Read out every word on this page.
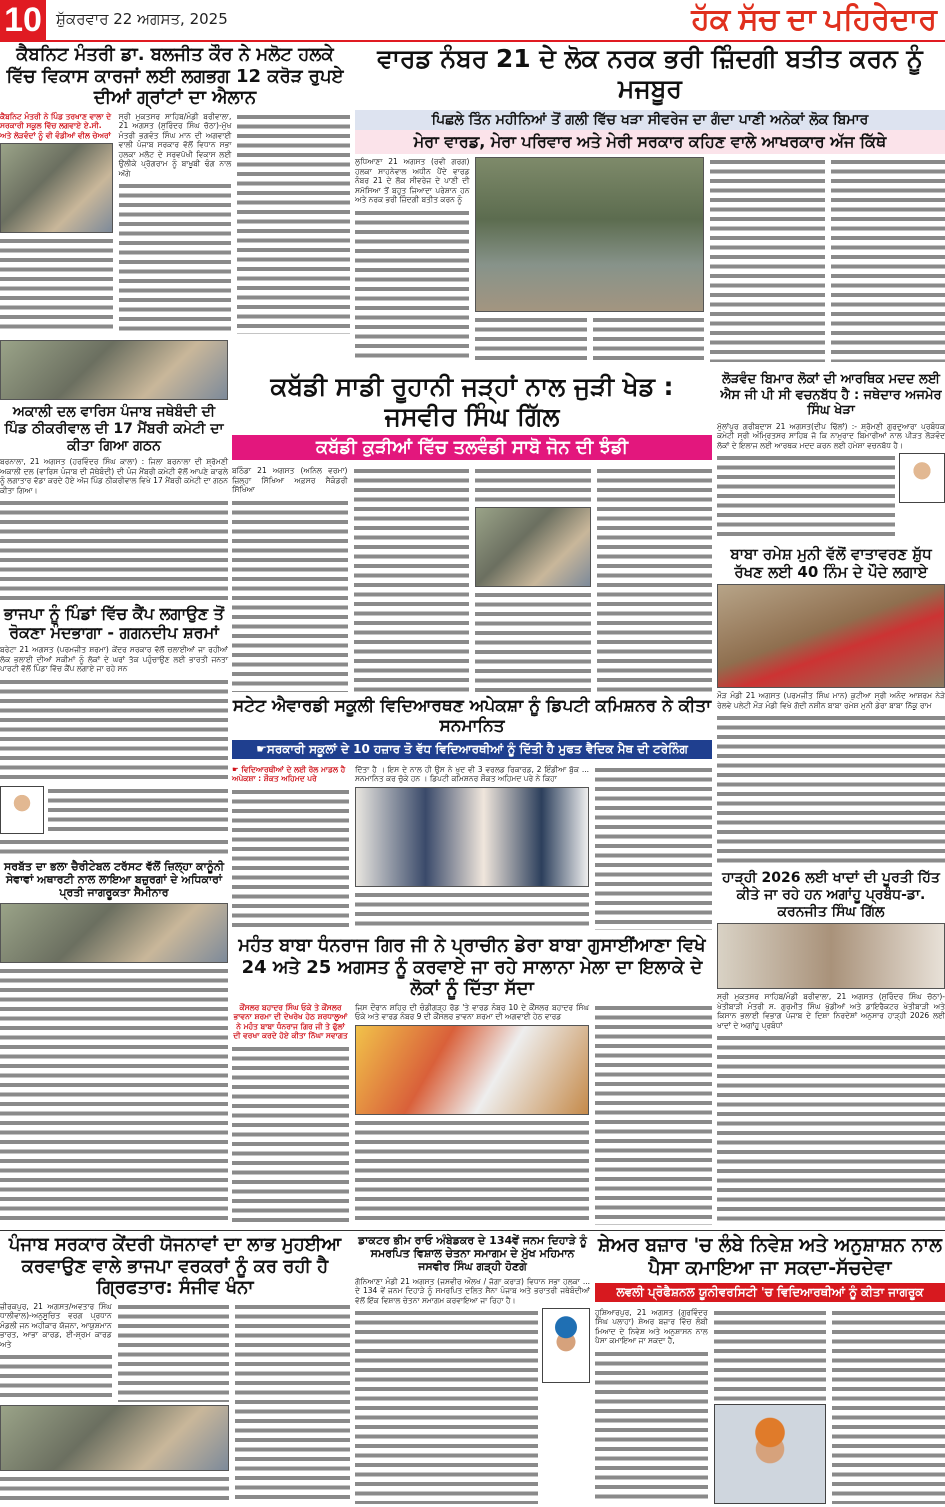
10 ਸ਼ੁੱਕਰਵਾਰ 22 ਅਗਸਤ, 2025	ਹੱਕ ਸੱਚ ਦਾ ਪਹਿਰੇਦਾਰ
ਕੈਬਨਿਟ ਮੰਤਰੀ ਡਾ. ਬਲਜੀਤ ਕੌਰ ਨੇ ਮਲੋਟ ਹਲਕੇ ਵਿੱਚ ਵਿਕਾਸ ਕਾਰਜਾਂ ਲਈ ਲਗਭਗ 12 ਕਰੋੜ ਰੁਪਏ ਦੀਆਂ ਗ੍ਰਾਂਟਾਂ ਦਾ ਐਲਾਨ
ਕੈਬਨਿਟ ਮੰਤਰੀ ਨੇ ਪਿੰਡ ਤਰਖਾਣ ਵਾਲਾ ਦੇ ਸਰਕਾਰੀ ਸਕੂਲ ਵਿੱਚ ਲਗਵਾਏ ਏ.ਸੀ. ਅਤੇ ਲੋੜਵੰਦਾਂ ਨੂੰ ਵੀ ਵੰਡੀਆਂ ਵੀਲ ਚੇਅਰਾਂ

ਸ੍ਰੀ ਮੁਕਤਸਰ ਸਾਹਿਬ/ਮੰਡੀ ਬਰੀਵਾਲਾ, 21 ਅਗਸਤ (ਸੁਰਿੰਦਰ ਸਿੰਘ ਚੱਠਾ)-ਮੁੱਖ ਮੰਤਰੀ ਭਗਵੰਤ ਸਿੰਘ ਮਾਨ ਦੀ ਅਗਵਾਈ ਵਾਲੀ ਪੰਜਾਬ ਸਰਕਾਰ ਵੱਲੋਂ ਵਿਧਾਨ ਸਭਾ ਹਲਕਾ ਮਲੋਟ ਦੇ ਸਰਵਪੱਖੀ ਵਿਕਾਸ ਲਈ ਉਲੀਕੇ ਪ੍ਰੋਗਰਾਮ ਨੂੰ ਬਾਖੂਬੀ ਢੰਗ ਨਾਲ ਅੱਗੇ

ਵਾਰਡ ਨੰਬਰ 21 ਦੇ ਲੋਕ ਨਰਕ ਭਰੀ ਜ਼ਿੰਦਗੀ ਬਤੀਤ ਕਰਨ ਨੂੰ ਮਜਬੂਰ
ਪਿਛਲੇ ਤਿੰਨ ਮਹੀਨਿਆਂ ਤੋਂ ਗਲੀ ਵਿੱਚ ਖੜਾ ਸੀਵਰੇਜ ਦਾ ਗੰਦਾ ਪਾਣੀ ਅਨੇਕਾਂ ਲੋਕ ਬਿਮਾਰ
ਮੇਰਾ ਵਾਰਡ, ਮੇਰਾ ਪਰਿਵਾਰ ਅਤੇ ਮੇਰੀ ਸਰਕਾਰ ਕਹਿਣ ਵਾਲੇ ਆਖਰਕਾਰ ਅੱਜ ਕਿੱਥੇ

ਲੁਧਿਆਣਾ 21 ਅਗਸਤ (ਰਵੀ ਗਰਗ) ਹਲਕਾ ਸਾਹਨੇਵਾਲ ਅਧੀਨ ਪੈਂਦੇ ਵਾਰਡ ਨੰਬਰ 21 ਦੇ ਲੋਕ ਸੀਵਰੇਜ ਦੇ ਪਾਣੀ ਦੀ ਸਮੱਸਿਆ ਤੋਂ ਬਹੁਤ ਜਿਆਦਾ ਪਰੇਸ਼ਾਨ ਹਨ ਅਤੇ ਨਰਕ ਭਰੀ ਜ਼ਿੰਦਗੀ ਬਤੀਤ ਕਰਨ ਨੂੰ

ਅਕਾਲੀ ਦਲ ਵਾਰਿਸ ਪੰਜਾਬ ਜਥੇਬੰਦੀ ਦੀ ਪਿੰਡ ਠੀਕਰੀਵਾਲ ਦੀ 17 ਮੈਂਬਰੀ ਕਮੇਟੀ ਦਾ ਕੀਤਾ ਗਿਆ ਗਠਨ

ਬਰਨਾਲਾ, 21 ਅਗਸਤ (ਹਰਵਿੰਦਰ ਸਿੰਘ ਕਾਲਾ) : ਜਿਲਾ ਬਰਨਾਲਾ ਦੀ ਸ਼੍ਰੋਮਣੀ ਅਕਾਲੀ ਦਲ (ਵਾਰਿਸ ਪੰਜਾਬ ਦੀ ਜੱਥੇਬੰਦੀ) ਦੀ ਪੰਜ ਮੈਂਬਰੀ ਕਮੇਟੀ ਵੱਲੋਂ ਆਪਣੇ ਕਾਫਲੇ ਨੂੰ ਲਗਾਤਾਰ ਵੱਡਾ ਕਰਦੇ ਹੋਏ ਅੱਜ ਪਿੰਡ ਠੀਕਰੀਵਾਲ ਵਿਖੇ 17 ਮੈਂਬਰੀ ਕਮੇਟੀ ਦਾ ਗਠਨ ਕੀਤਾ ਗਿਆ।

ਭਾਜਪਾ ਨੂੰ ਪਿੰਡਾਂ ਵਿੱਚ ਕੈਂਪ ਲਗਾਉਣ ਤੋਂ ਰੋਕਣਾ ਮੰਦਭਾਗਾ - ਗਗਨਦੀਪ ਸ਼ਰਮਾਂ

ਬਰੇਟਾ 21 ਅਗਸਤ (ਪਰਮਜੀਤ ਸ਼ਰਮਾ) ਕੇਂਦਰ ਸਰਕਾਰ ਵੱਲੋਂ ਚਲਾਈਆਂ ਜਾ ਰਹੀਆਂ ਲੋਕ ਭਲਾਈ ਦੀਆਂ ਸਕੀਮਾਂ ਨੂੰ ਲੋਕਾਂ ਦੇ ਘਰਾਂ ਤੱਕ ਪਹੁੰਚਾਉਣ ਲਈ ਭਾਰਤੀ ਜਨਤਾ ਪਾਰਟੀ ਵੱਲੋਂ ਪਿੰਡਾ ਵਿੱਚ ਕੈਂਪ ਲਗਾਏ ਜਾ ਰਹੇ ਸਨ

ਸਰਬੱਤ ਦਾ ਭਲਾ ਚੈਰੀਟੇਬਲ ਟਰੱਸਟ ਵੱਲੋਂ ਜ਼ਿਲ੍ਹਾ ਕਾਨੂੰਨੀ ਸੇਵਾਵਾਂ ਅਥਾਰਟੀ ਨਾਲ ਲਾਇਆ ਬਜ਼ੁਰਗਾਂ ਦੇ ਅਧਿਕਾਰਾਂ ਪ੍ਰਤੀ ਜਾਗਰੂਕਤਾ ਸੈਮੀਨਾਰ
ਕਬੱਡੀ ਸਾਡੀ ਰੂਹਾਨੀ ਜੜ੍ਹਾਂ ਨਾਲ ਜੁੜੀ ਖੇਡ : ਜਸਵੀਰ ਸਿੰਘ ਗਿੱਲ
ਕਬੱਡੀ ਕੁੜੀਆਂ ਵਿੱਚ ਤਲਵੰਡੀ ਸਾਬੋ ਜੋਨ ਦੀ ਝੰਡੀ

ਬਠਿੰਡਾ 21 ਅਗਸਤ (ਅਨਿਲ ਵਰਮਾ) ਜ਼ਿਲ੍ਹਾ ਸਿੱਖਿਆ ਅਫ਼ਸਰ ਸੈਕੰਡਰੀ ਸਿੱਖਿਆ

ਲੋੜਵੰਦ ਬਿਮਾਰ ਲੋਕਾਂ ਦੀ ਆਰਥਿਕ ਮਦਦ ਲਈ ਐਸ ਜੀ ਪੀ ਸੀ ਵਚਨਬੱਧ ਹੈ : ਜਥੇਦਾਰ ਅਜਮੇਰ ਸਿੰਘ ਖੇੜਾ

ਮੁੱਲਾਂਪੁਰ ਗਰੀਬਦਾਸ 21 ਅਗਸਤ(ਦੀਪ ਢਿੱਲਾਂ) :- ਸ਼੍ਰੋਮਣੀ ਗੁਰਦੁਆਰਾ ਪ੍ਰਬੰਧਕ ਕਮੇਟੀ ਸ੍ਰੀ ਅੰਮ੍ਰਿਤਸਰ ਸਾਹਿਬ ਜੋ ਕਿ ਨਾਮੁਰਾਦ ਬਿਮਾਰੀਆਂ ਨਾਲ ਪੀੜਤ ਲੋੜਵੰਦ ਲੋਕਾਂ ਦੇ ਇਲਾਜ ਲਈ ਆਰਥਕ ਮਦਦ ਕਰਨ ਲਈ ਹਮੇਸ਼ਾ ਵਚਨਬੱਧ ਹੈ।

ਬਾਬਾ ਰਮੇਸ਼ ਮੁਨੀ ਵੱਲੋਂ ਵਾਤਾਵਰਣ ਸ਼ੁੱਧ ਰੱਖਣ ਲਈ 40 ਨਿੰਮ ਦੇ ਪੌਦੇ ਲਗਾਏ

ਮੌੜ ਮੰਡੀ 21 ਅਗਸਤ (ਪਰਮਜੀਤ ਸਿੰਘ ਮਾਨ) ਕੁਟੀਆ ਸ੍ਰੀ ਅਨੰਦ ਆਸ਼ਰਮ ਨੇੜੇ ਰੇਲਵੇ ਪਲੇਟੀ ਮੌੜ ਮੰਡੀ ਵਿਖੇ ਗੱਦੀ ਨਸ਼ੀਨ ਬਾਬਾ ਰਮੇਸ਼ ਮੁਨੀ ਡੇਰਾ ਬਾਬਾ ਨਿੱਕੂ ਰਾਮ

ਸਟੇਟ ਐਵਾਰਡੀ ਸਕੂਲੀ ਵਿਦਿਆਰਥਣ ਅਪੇਕਸ਼ਾ ਨੂੰ ਡਿਪਟੀ ਕਮਿਸ਼ਨਰ ਨੇ ਕੀਤਾ ਸਨਮਾਨਿਤ
☛ਸਰਕਾਰੀ ਸਕੂਲਾਂ ਦੇ 10 ਹਜ਼ਾਰ ਤੋ ਵੱਧ ਵਿਦਿਆਰਥੀਆਂ ਨੂੰ ਦਿੱਤੀ ਹੈ ਮੁਫਤ ਵੈਦਿਕ ਮੈਥ ਦੀ ਟਰੇਨਿੰਗ
☛ ਵਿਦਿਆਰਥੀਆਂ ਦੇ ਲਈ ਰੋਲ ਮਾਡਲ ਹੈ ਅਪੇਕਸ਼ਾ : ਸ਼ੌਕਤ ਅਹਿਮਦ ਪਰੇ

ਦਿੱਤਾ ਹੈ । ਇਸ ਦੇ ਨਾਲ ਹੀ ਉਸ ਨੇ ਖੁਦ ਵੀ 3 ਵਰਲਡ ਰਿਕਾਰਡ, 2 ਇੰਡੀਆ ਬੁੱਕ ... ਸਨਮਾਨਿਤ ਕਰ ਚੁੱਕੇ ਹਨ । ਡਿਪਟੀ ਕਮਿਸ਼ਨਰ ਸ਼ੌਕਤ ਅਹਿਮਦ ਪਰੇ ਨੇ ਕਿਹਾ

ਮਹੰਤ ਬਾਬਾ ਧੰਨਰਾਜ ਗਿਰ ਜੀ ਨੇ ਪ੍ਰਾਚੀਨ ਡੇਰਾ ਬਾਬਾ ਗੁਸਾਈਂਆਣਾ ਵਿਖੇ 24 ਅਤੇ 25 ਅਗਸਤ ਨੂੰ ਕਰਵਾਏ ਜਾ ਰਹੇ ਸਾਲਾਨਾ ਮੇਲਾ ਦਾ ਇਲਾਕੇ ਦੇ ਲੋਕਾਂ ਨੂੰ ਦਿੱਤਾ ਸੱਦਾ
ਕੌਂਸਲਰ ਬਹਾਦਰ ਸਿੰਘ ਓਕੇ ਤੇ ਕੌਂਸਲਰ ਭਾਵਨਾ ਸ਼ਰਮਾ ਦੀ ਦੇਖਰੇਖ ਹੇਠ ਸ਼ਰਧਾਲੂਆਂ ਨੇ ਮਹੰਤ ਬਾਬਾ ਧੰਨਰਾਜ ਗਿਰ ਜੀ ਤੇ ਫੁੱਲਾਂ ਦੀ ਵਰਖਾ ਕਰਦੇ ਹੋਏ ਕੀਤਾ ਨਿੱਘਾ ਸਵਾਗਤ

ਜਿਸ ਦੌਰਾਨ ਸ਼ਹਿਰ ਦੀ ਚੰਡੀਗੜ੍ਹ ਰੋਡ 'ਤੇ ਵਾਰਡ ਨੰਬਰ 10 ਦੇ ਕੌਂਸਲਰ ਬਹਾਦਰ ਸਿੰਘ ਓਕੇ ਅਤੇ ਵਾਰਡ ਨੰਬਰ 9 ਦੀ ਕੌਂਸਲਰ ਭਾਵਨਾ ਸ਼ਰਮਾ ਦੀ ਅਗਵਾਈ ਹੇਠ ਵਾਰਡ

ਹਾੜ੍ਹੀ 2026 ਲਈ ਖਾਦਾਂ ਦੀ ਪੂਰਤੀ ਹਿੱਤ ਕੀਤੇ ਜਾ ਰਹੇ ਹਨ ਅਗਾਂਹੂ ਪ੍ਰਬੰਧ-ਡਾ. ਕਰਨਜੀਤ ਸਿੰਘ ਗਿੱਲ

ਸ੍ਰੀ ਮੁਕਤਸਰ ਸਾਹਿਬ/ਮੰਡੀ ਬਰੀਵਾਲਾ, 21 ਅਗਸਤ (ਸੁਰਿੰਦਰ ਸਿੰਘ ਚੱਠਾ)-ਖੇਤੀਬਾੜੀ ਮੰਤਰੀ ਸ. ਗੁਰਮੀਤ ਸਿੰਘ ਖੁੱਡੀਆਂ ਅਤੇ ਡਾਇਰੈਕਟਰ ਖੇਤੀਬਾੜੀ ਅਤੇ ਕਿਸਾਨ ਭਲਾਈ ਵਿਭਾਗ ਪੰਜਾਬ ਦੇ ਦਿਸ਼ਾ ਨਿਰਦੇਸ਼ਾਂ ਅਨੁਸਾਰ ਹਾੜ੍ਹੀ 2026 ਲਈ ਖਾਦਾਂ ਦੇ ਅਗਾਂਹੂ ਪ੍ਰਬੰਧਾਂ

ਪੰਜਾਬ ਸਰਕਾਰ ਕੇਂਦਰੀ ਯੋਜਨਾਵਾਂ ਦਾ ਲਾਭ ਮੁਹਈਆ ਕਰਵਾਉਣ ਵਾਲੇ ਭਾਜਪਾ ਵਰਕਰਾਂ ਨੂੰ ਕਰ ਰਹੀ ਹੈ ਗ੍ਰਿਫਤਾਰ: ਸੰਜੀਵ ਖੰਨਾ

ਜ਼ੀਰਕਪੁਰ, 21 ਅਗਸਤ/ਅਵਤਾਰ ਸਿੰਘ ਧਾਲੀਵਾਲ)-ਅਨੁਸੂਚਿਤ ਵਰਗ ਪ੍ਰਧਾਨ ਮੰਡਲੀ ਜਨ ਅਹੀਕਾਰ ਯੋਜਨਾ, ਆਯੁਸ਼ਮਾਨ ਭਾਰਤ, ਆਭਾ ਕਾਰਡ, ਈ-ਸ਼੍ਰਮ ਕਾਰਡ ਅਤੇ

ਡਾਕਟਰ ਭੀਮ ਰਾਓ ਅੰਬੇਡਕਰ ਦੇ 134ਵੇਂ ਜਨਮ ਦਿਹਾੜੇ ਨੂੰ ਸਮਰਪਿਤ ਵਿਸ਼ਾਲ ਚੇਤਨਾ ਸਮਾਗਮ ਦੇ ਮੁੱਖ ਮਹਿਮਾਨ ਜਸਵੀਰ ਸਿੰਘ ਗੜ੍ਹੀ ਹੋਣਗੇ

ਗੋਨਿਆਣਾ ਮੰਡੀ 21 ਅਗਸਤ (ਜਸਵੀਰ ਔਲਖ / ਜੱਗਾ ਕਰਾੜ) ਵਿਧਾਨ ਸਭਾ ਹਲਕਾ ... ਦੇ 134 ਵੇਂ ਜਨਮ ਦਿਹਾੜੇ ਨੂੰ ਸਮਰਪਿਤ ਦਲਿਤ ਸੈਨਾ ਪੰਜਾਬ ਅਤੇ ਭਰਾਤਰੀ ਜਥੇਬੰਦੀਆਂ ਵੱਲੋਂ ਇੱਕ ਵਿਸ਼ਾਲ ਚੇਤਨਾ ਸਮਾਗਮ ਕਰਵਾਇਆ ਜਾ ਰਿਹਾ ਹੈ।

ਸ਼ੇਅਰ ਬਜ਼ਾਰ 'ਚ ਲੰਬੇ ਨਿਵੇਸ਼ ਅਤੇ ਅਨੁਸ਼ਾਸ਼ਨ ਨਾਲ ਪੈਸਾ ਕਮਾਇਆ ਜਾ ਸਕਦਾ-ਸੱਚਦੇਵਾ
ਲਵਲੀ ਪ੍ਰੋਫੈਸ਼ਨਲ ਯੂਨੀਵਰਸਿਟੀ 'ਚ ਵਿਦਿਆਰਥੀਆਂ ਨੂੰ ਕੀਤਾ ਜਾਗਰੂਕ

ਹੁਸ਼ਿਆਰਪੁਰ, 21 ਅਗਸਤ (ਗੁਰਵਿੰਦਰ ਸਿੰਘ ਪਲਾਹਾ) ਸ਼ੇਅਰ ਬਜ਼ਾਰ ਵਿੱਚ ਲੰਬੀ ਮਿਆਦ ਦੇ ਨਿਵੇਸ਼ ਅਤੇ ਅਨੁਸ਼ਾਸਨ ਨਾਲ ਪੈਸਾ ਕਮਾਇਆ ਜਾ ਸਕਦਾ ਹੈ,
